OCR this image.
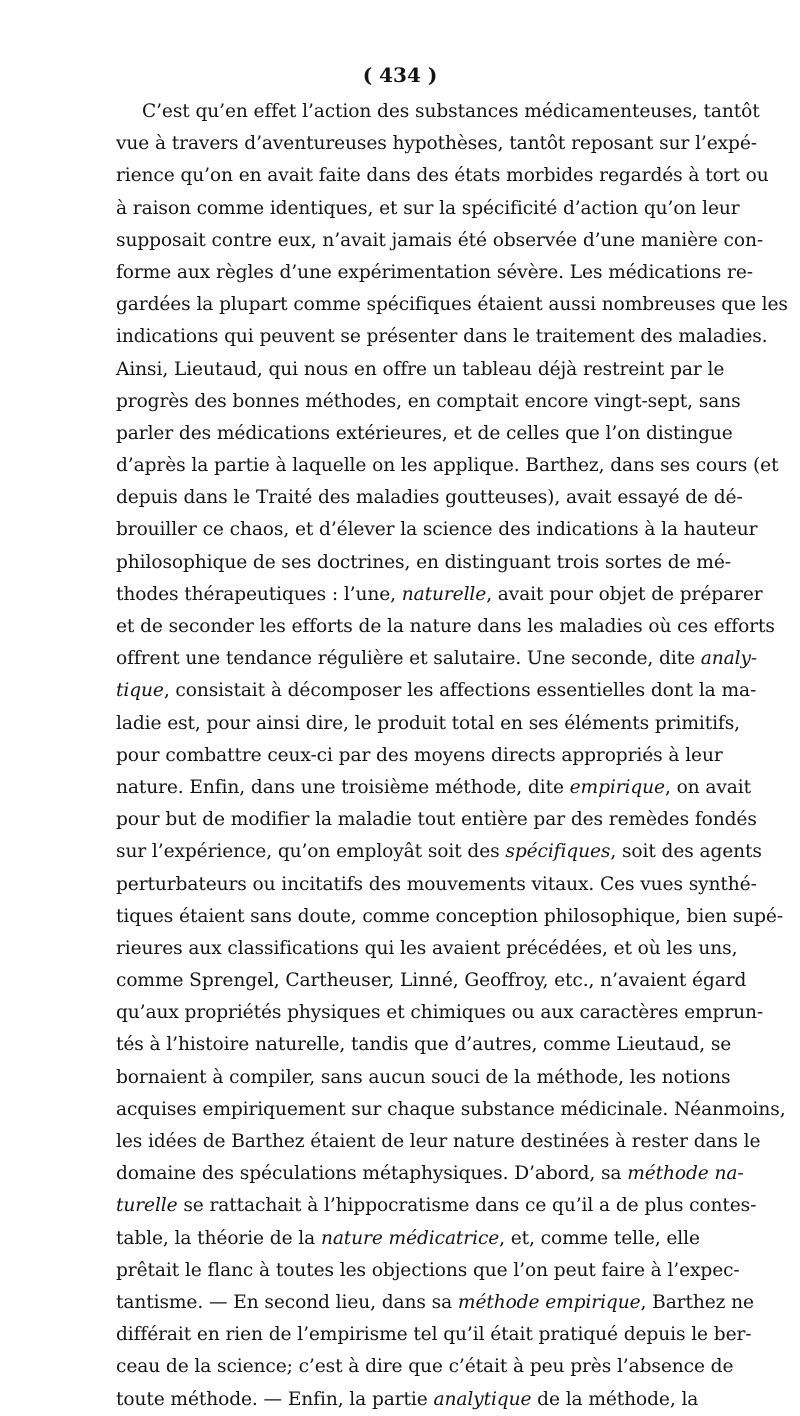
( 434 )
C’est qu’en effet l’action des substances médicamenteuses, tantôt
vue à travers d’aventureuses hypothèses, tantôt reposant sur l’expé-
rience qu’on en avait faite dans des états morbides regardés à tort ou
à raison comme identiques, et sur la spécificité d’action qu’on leur
supposait contre eux, n’avait jamais été observée d’une manière con-
forme aux règles d’une expérimentation sévère. Les médications re-
gardées la plupart comme spécifiques étaient aussi nombreuses que les
indications qui peuvent se présenter dans le traitement des maladies.
Ainsi, Lieutaud, qui nous en offre un tableau déjà restreint par le
progrès des bonnes méthodes, en comptait encore vingt-sept, sans
parler des médications extérieures, et de celles que l’on distingue
d’après la partie à laquelle on les applique. Barthez, dans ses cours (et
depuis dans le Traité des maladies goutteuses), avait essayé de dé-
brouiller ce chaos, et d’élever la science des indications à la hauteur
philosophique de ses doctrines, en distinguant trois sortes de mé-
thodes thérapeutiques : l’une, naturelle, avait pour objet de préparer
et de seconder les efforts de la nature dans les maladies où ces efforts
offrent une tendance régulière et salutaire. Une seconde, dite analy-
tique, consistait à décomposer les affections essentielles dont la ma-
ladie est, pour ainsi dire, le produit total en ses éléments primitifs,
pour combattre ceux-ci par des moyens directs appropriés à leur
nature. Enfin, dans une troisième méthode, dite empirique, on avait
pour but de modifier la maladie tout entière par des remèdes fondés
sur l’expérience, qu’on employât soit des spécifiques, soit des agents
perturbateurs ou incitatifs des mouvements vitaux. Ces vues synthé-
tiques étaient sans doute, comme conception philosophique, bien supé-
rieures aux classifications qui les avaient précédées, et où les uns,
comme Sprengel, Cartheuser, Linné, Geoffroy, etc., n’avaient égard
qu’aux propriétés physiques et chimiques ou aux caractères emprun-
tés à l’histoire naturelle, tandis que d’autres, comme Lieutaud, se
bornaient à compiler, sans aucun souci de la méthode, les notions
acquises empiriquement sur chaque substance médicinale. Néanmoins,
les idées de Barthez étaient de leur nature destinées à rester dans le
domaine des spéculations métaphysiques. D’abord, sa méthode na-
turelle se rattachait à l’hippocratisme dans ce qu’il a de plus contes-
table, la théorie de la nature médicatrice, et, comme telle, elle
prêtait le flanc à toutes les objections que l’on peut faire à l’expec-
tantisme. — En second lieu, dans sa méthode empirique, Barthez ne
différait en rien de l’empirisme tel qu’il était pratiqué depuis le ber-
ceau de la science; c’est à dire que c’était à peu près l’absence de
toute méthode. — Enfin, la partie analytique de la méthode, la
